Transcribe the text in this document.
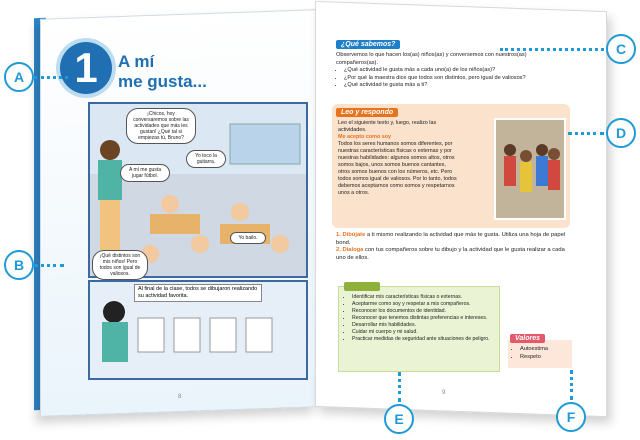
1	A mí
me gusta...
¡Chicos, hoy conversaremos sobre las actividades que más les gustan! ¿Qué tal si empiezas tú, Bruno?
A mí me gusta jugar fútbol.
Yo toco la guitarra.
Yo bailo.
¡Qué distintos son mis niños! Pero todos son igual de valiosos.
Al final de la clase, todos se dibujaron realizando su actividad favorita.
8
¿Qué sabemos?
Observemos lo que hacen los(as) niños(as) y conversemos con nuestros(as) compañeros(as).
• ¿Qué actividad le gusta más a cada uno(a) de los niños(as)?
• ¿Por qué la maestra dice que todos son distintos, pero igual de valiosos?
• ¿Qué actividad te gusta más a ti?
Leo y respondo
Leo el siguiente texto y, luego, realizo las actividades.
Me acepto como soy
Todos los seres humanos somos diferentes, por nuestras características físicas o externas y por nuestras habilidades: algunos somos altos, otros somos bajos, unos somos buenos cantantes, otros somos buenos con los números, etc. Pero todos somos igual de valiosos. Por lo tanto, todos debemos aceptarnos como somos y respetarnos unos a otros.
1. Dibújate a ti mismo realizando la actividad que más te gusta. Utiliza una hoja de papel bond.
2. Dialoga con tus compañeros sobre tu dibujo y la actividad que le gusta realizar a cada uno de ellos.
• Identificar mis características físicas o externas.
• Aceptarme como soy y respetar a mis compañeros.
• Reconocer los documentos de identidad.
• Reconocer que tenemos distintas preferencias e intereses.
• Desarrollar mis habilidades.
• Cuidar mi cuerpo y mi salud.
• Practicar medidas de seguridad ante situaciones de peligro.	Valores
• Autoestima
• Respeto
9
A
B
C
D
E	F
